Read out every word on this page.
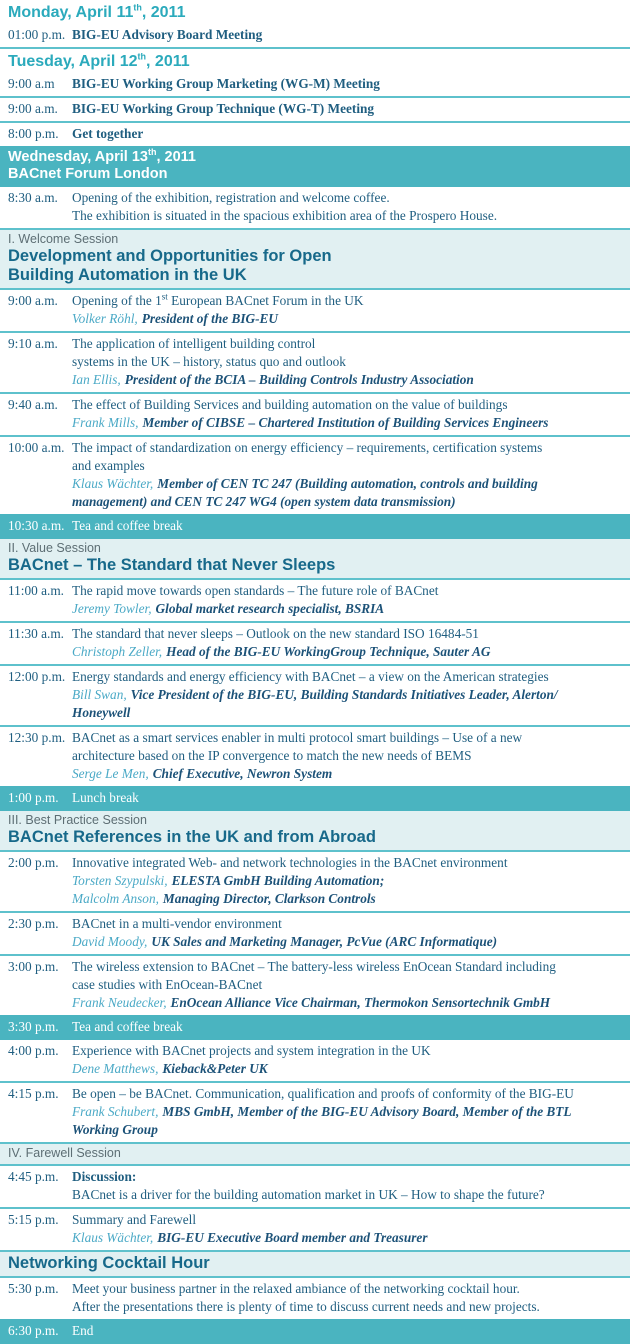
Monday, April 11th, 2011
01:00 p.m. BIG-EU Advisory Board Meeting
Tuesday, April 12th, 2011
9:00 a.m	BIG-EU Working Group Marketing (WG-M) Meeting
9:00 a.m.	BIG-EU Working Group Technique (WG-T) Meeting
8:00 p.m.	Get together
Wednesday, April 13th, 2011
BACnet Forum London
8:30 a.m.	Opening of the exhibition, registration and welcome coffee.
The exhibition is situated in the spacious exhibition area of the Prospero House.
I. Welcome Session
Development and Opportunities for Open
Building Automation in the UK
9:00 a.m.	Opening of the 1st European BACnet Forum in the UK
Volker Röhl, President of the BIG-EU
9:10 a.m.	The application of intelligent building control
systems in the UK – history, status quo and outlook
Ian Ellis, President of the BCIA – Building Controls Industry Association
9:40 a.m.	The effect of Building Services and building automation on the value of buildings
Frank Mills, Member of CIBSE – Chartered Institution of Building Services Engineers
10:00 a.m. The impact of standardization on energy efficiency – requirements, certification systems
and examples
Klaus Wächter, Member of CEN TC 247 (Building automation, controls and building
management) and CEN TC 247 WG4 (open system data transmission)
10:30 a.m. Tea and coffee break
II. Value Session
BACnet – The Standard that Never Sleeps
11:00 a.m. The rapid move towards open standards – The future role of BACnet
Jeremy Towler, Global market research specialist, BSRIA
11:30 a.m. The standard that never sleeps – Outlook on the new standard ISO 16484-51
Christoph Zeller, Head of the BIG-EU WorkingGroup Technique, Sauter AG
12:00 p.m. Energy standards and energy efficiency with BACnet – a view on the American strategies
Bill Swan, Vice President of the BIG-EU, Building Standards Initiatives Leader, Alerton/
Honeywell
12:30 p.m. BACnet as a smart services enabler in multi protocol smart buildings – Use of a new
architecture based on the IP convergence to match the new needs of BEMS
Serge Le Men, Chief Executive, Newron System
1:00 p.m.	Lunch break
III. Best Practice Session
BACnet References in the UK and from Abroad
2:00 p.m.	Innovative integrated Web- and network technologies in the BACnet environment
Torsten Szypulski, ELESTA GmbH Building Automation;
Malcolm Anson, Managing Director, Clarkson Controls
2:30 p.m.	BACnet in a multi-vendor environment
David Moody, UK Sales and Marketing Manager, PcVue (ARC Informatique)
3:00 p.m.	The wireless extension to BACnet – The battery-less wireless EnOcean Standard including
case studies with EnOcean-BACnet
Frank Neudecker, EnOcean Alliance Vice Chairman, Thermokon Sensortechnik GmbH
3:30 p.m.	Tea and coffee break
4:00 p.m.	Experience with BACnet projects and system integration in the UK
Dene Matthews, Kieback&Peter UK
4:15 p.m.	Be open – be BACnet. Communication, qualification and proofs of conformity of the BIG-EU
Frank Schubert, MBS GmbH, Member of the BIG-EU Advisory Board, Member of the BTL
Working Group
IV. Farewell Session
4:45 p.m.	Discussion:
BACnet is a driver for the building automation market in UK – How to shape the future?
5:15 p.m.	Summary and Farewell
Klaus Wächter, BIG-EU Executive Board member and Treasurer
Networking Cocktail Hour
5:30 p.m.	Meet your business partner in the relaxed ambiance of the networking cocktail hour.
After the presentations there is plenty of time to discuss current needs and new projects.
6:30 p.m.	End
